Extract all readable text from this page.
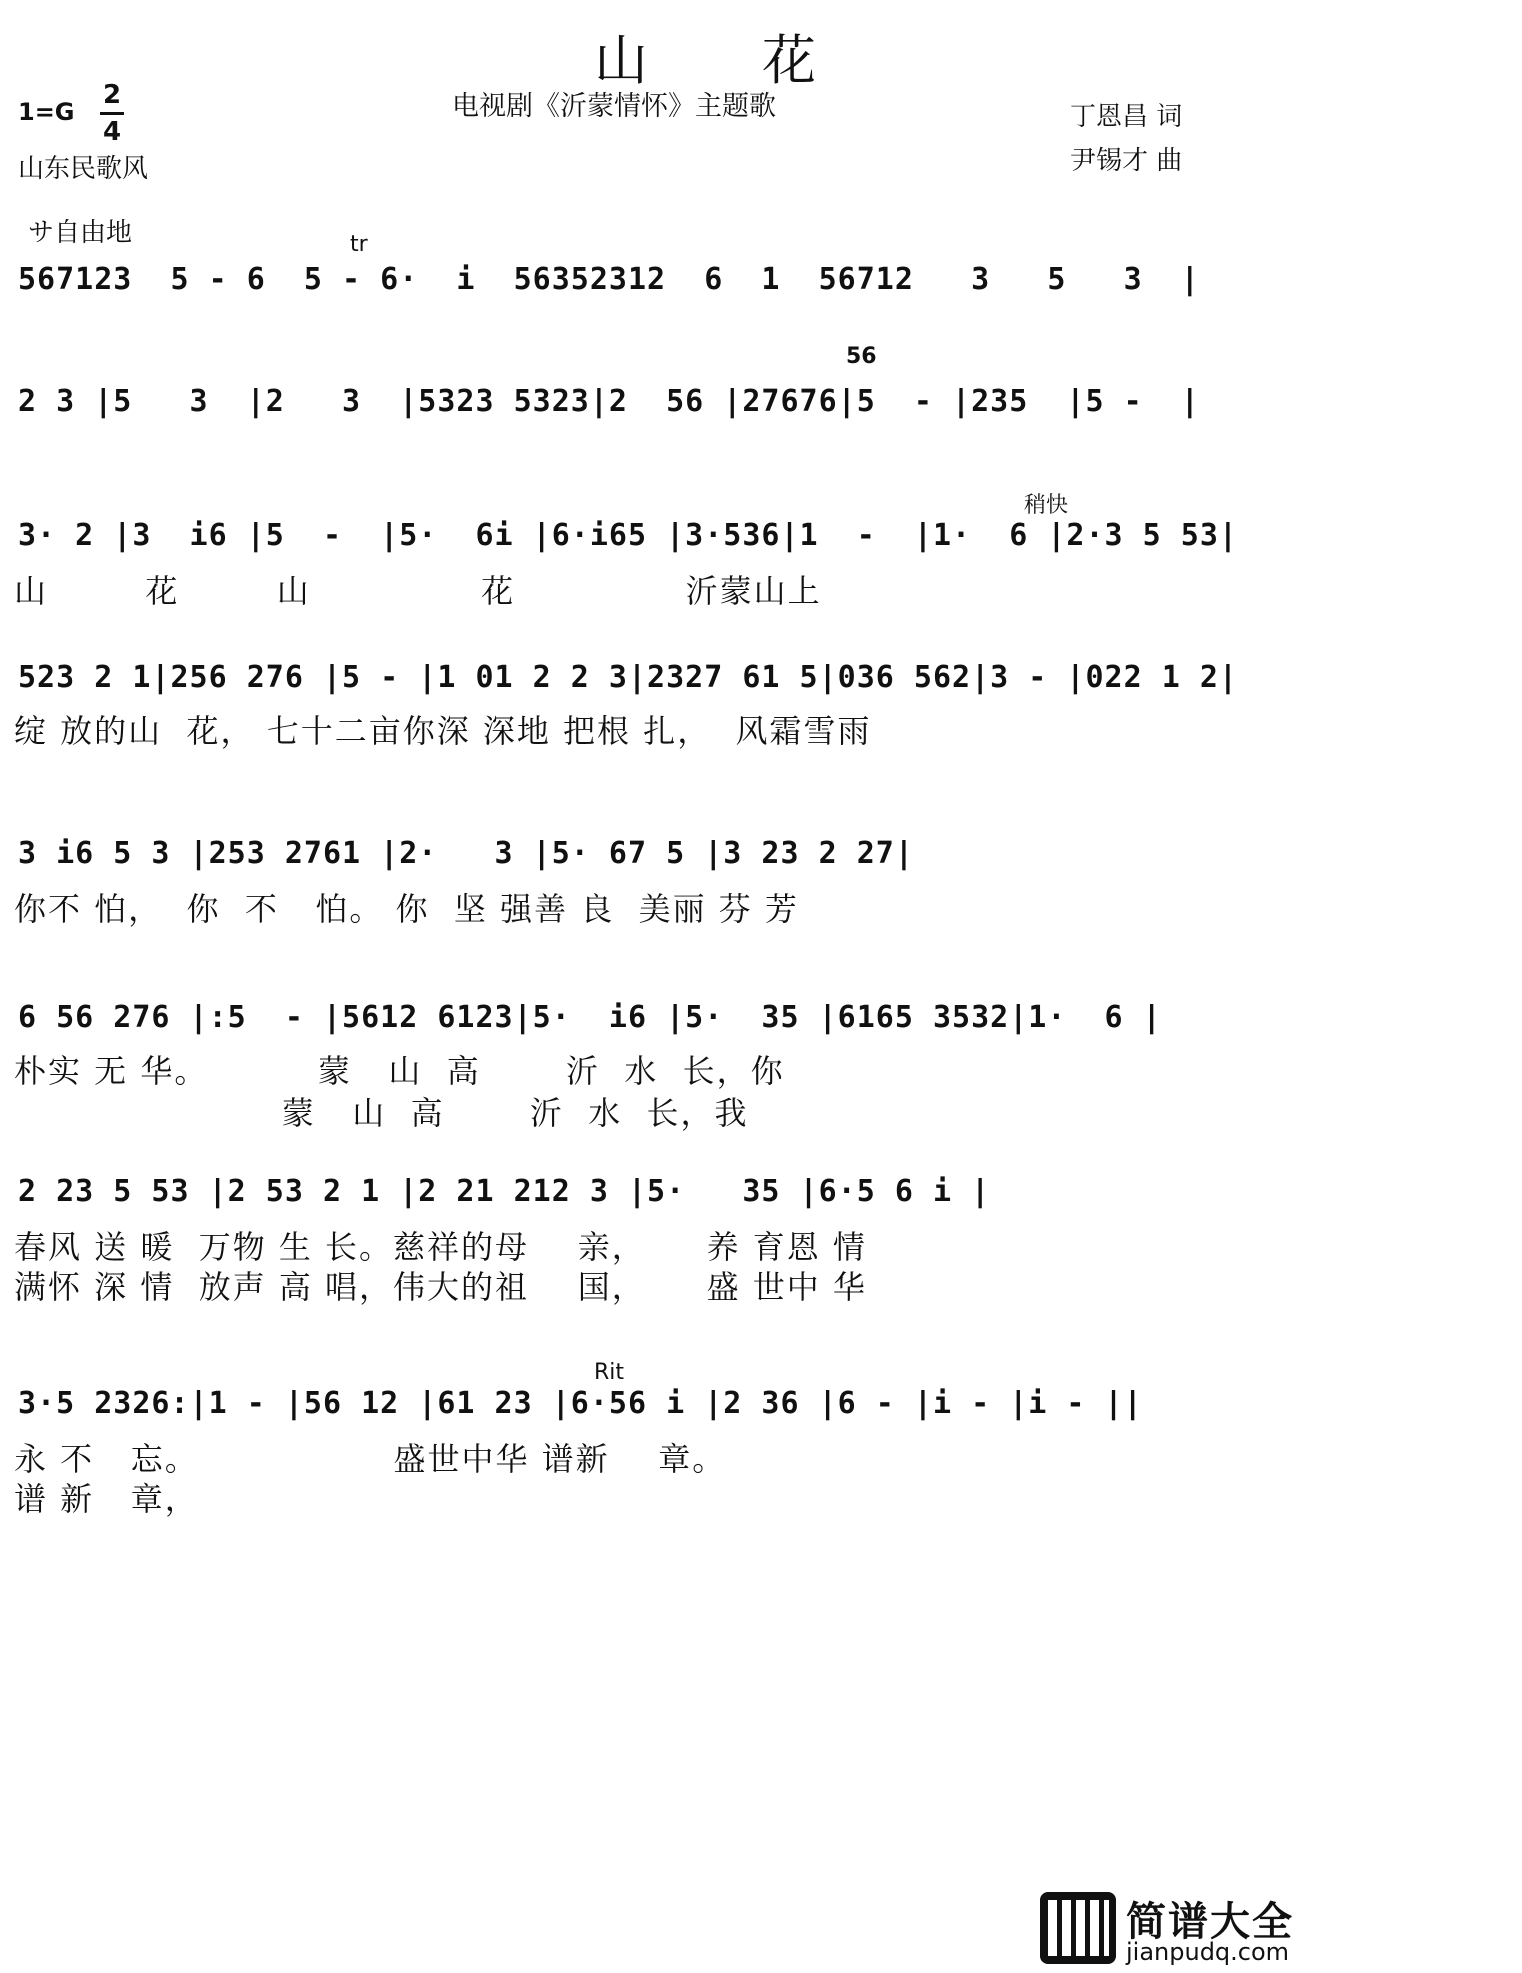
山　　花
电视剧《沂蒙情怀》主题歌
1=G
2
4
山东民歌风
丁恩昌 词
尹锡才 曲
サ自由地	tr
56
稍快
Rit
567123  5 - 6  5 - 6·  i  56352312  6  1  56712   3   5   3  |
2 3 |5   3  |2   3  |5323 5323|2  56 |27676|5  - |235  |5 -  |
3· 2 |3  i6 |5  -  |5·  6i |6·i65 |3·536|1  -  |1·  6 |2·3 5 53|
山        花        山              花              沂蒙山上
523 2 1|256 276 |5 - |1 01 2 2 3|2327 61 5|036 562|3 - |022 1 2|
绽 放的山  花， 七十二亩你深 深地 把根 扎，  风霜雪雨
3 i6 5 3 |253 2761 |2·   3 |5· 67 5 |3 23 2 27|
你不 怕，  你  不   怕。 你  坚 强善 良  美丽 芬 芳
6 56 276 |:5  - |5612 6123|5·  i6 |5·  35 |6165 3532|1·  6 |
朴实 无 华。         蒙   山  高       沂  水  长，你
蒙   山  高       沂  水  长，我
2 23 5 53 |2 53 2 1 |2 21 212 3 |5·   35 |6·5 6 i |
春风 送 暖  万物 生 长。慈祥的母    亲，     养 育恩 情
满怀 深 情  放声 高 唱，伟大的祖    国，     盛 世中 华
3·5 2326:|1 - |56 12 |61 23 |6·56 i |2 36 |6 - |i - |i - ||
永 不   忘。                盛世中华 谱新    章。
谱 新   章，
简谱大全
jianpudq.com
